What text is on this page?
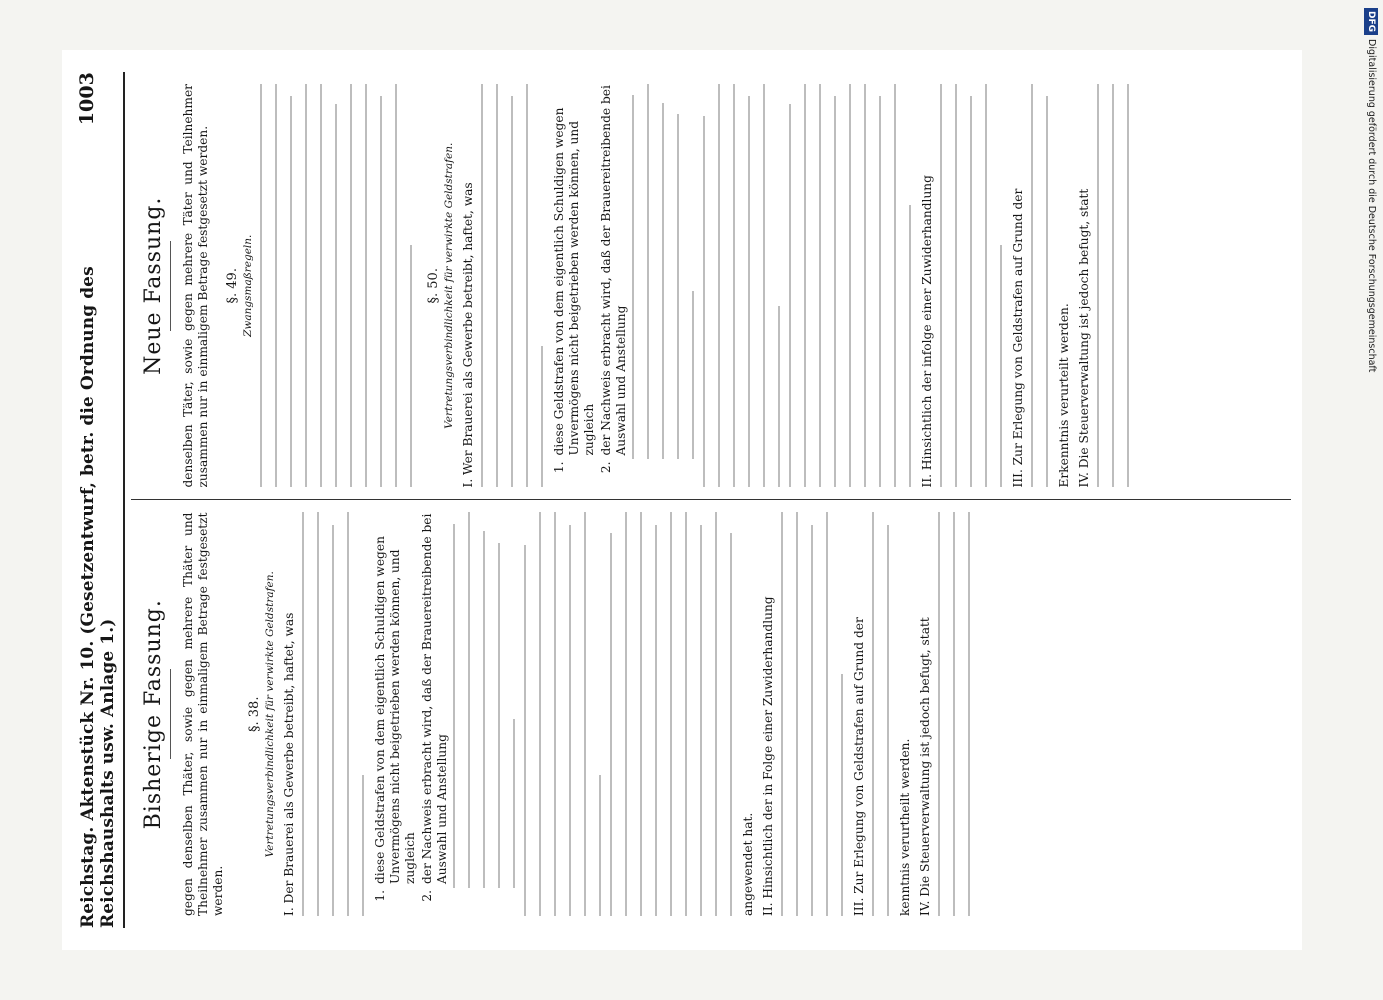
Reichstag. Aktenstück Nr. 10. (Gesetzentwurf, betr. die Ordnung des Reichshaushalts usw. Anlage 1.)
1003
Bisherige Fassung. gegen denselben Thäter, sowie gegen mehrere Thäter und Theilnehmer zusammen nur in einmaligem Betrage festgesetzt werden.

§. 38. Vertretungsverbindlichkeit für verwirkte Geldstrafen. I. Der Brauerei als Gewerbe betreibt, haftet, was	1.
diese Geldstrafen von dem eigentlich Schuldigen wegen Unvermögens nicht beigetrieben werden können, und zugleich
2.
der Nachweis erbracht wird, daß der Brauereitreibende bei Auswahl und Anstellung	angewendet hat. II. Hinsichtlich der in Folge einer Zuwiderhandlung	III. Zur Erlegung von Geldstrafen auf Grund der	kenntnis verurtheilt werden. IV. Die Steuerverwaltung ist jedoch befugt, statt

Neue Fassung. denselben Täter, sowie gegen mehrere Täter und Teilnehmer zusammen nur in einmaligem Betrage festgesetzt werden. §. 49. Zwangsmaßregeln.	§. 50. Vertretungsverbindlichkeit für verwirkte Geldstrafen. I. Wer Brauerei als Gewerbe betreibt, haftet, was	1.
diese Geldstrafen von dem eigentlich Schuldigen wegen Unvermögens nicht beigetrieben werden können, und zugleich
2.
der Nachweis erbracht wird, daß der Brauereitreibende bei Auswahl und Anstellung	II. Hinsichtlich der infolge einer Zuwiderhandlung	III. Zur Erlegung von Geldstrafen auf Grund der	Erkenntnis verurteilt werden. IV. Die Steuerverwaltung ist jedoch befugt, statt

DFGDigitalisierung gefördert durch die Deutsche Forschungsgemeinschaft
